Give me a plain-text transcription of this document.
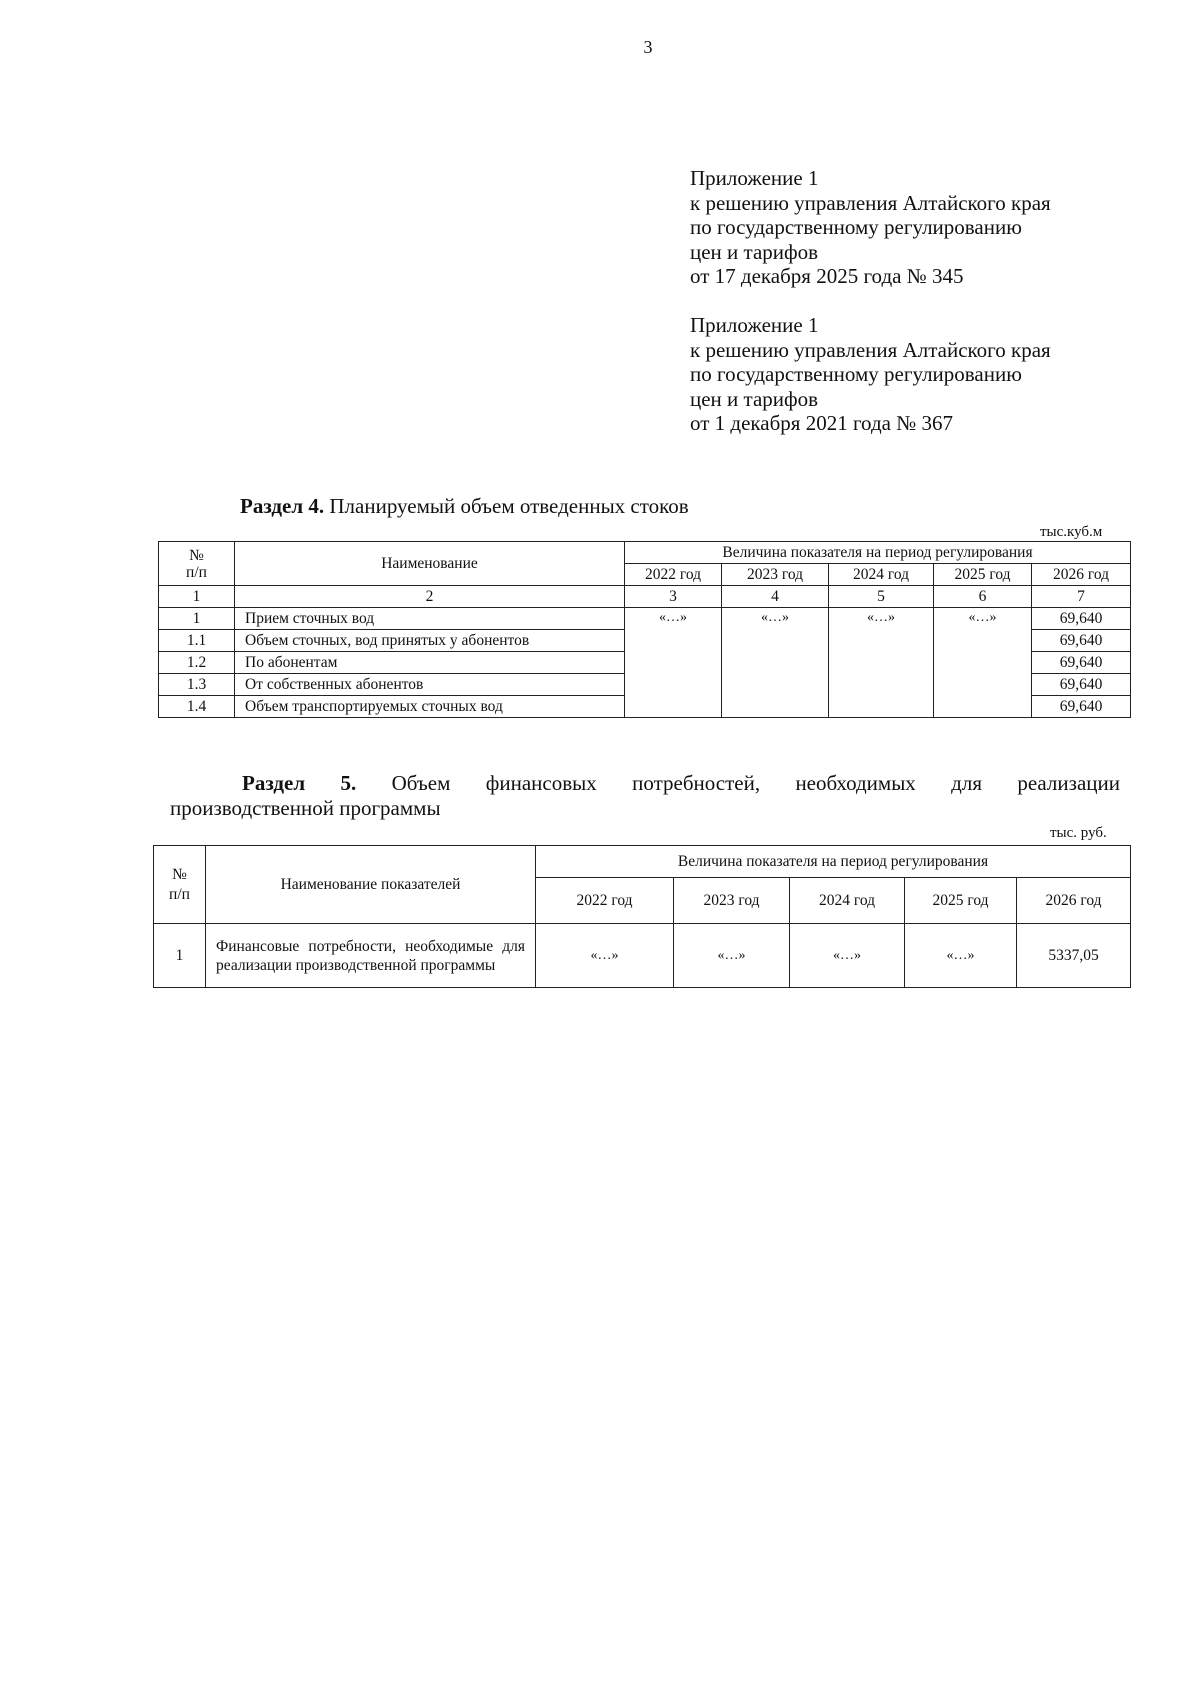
3
Приложение 1
к решению управления Алтайского края
по государственному регулированию
цен и тарифов
от 17 декабря 2025 года № 345
Приложение 1
к решению управления Алтайского края
по государственному регулированию
цен и тарифов
от 1 декабря 2021 года № 367
Раздел 4. Планируемый объем отведенных стоков
тыс.куб.м
№
п/п	Наименование	Величина показателя на период регулирования				
		2022 год	2023 год	2024 год	2025 год	2026 год
1	2	3	4	5	6	7
1	Прием сточных вод	«…»	«…»	«…»	«…»	69,640
1.1	Объем сточных, вод принятых у абонентов					69,640
1.2	По абонентам					69,640
1.3	От собственных абонентов					69,640
1.4	Объем транспортируемых сточных вод					69,640
Раздел 5. Объем финансовых потребностей, необходимых для реализации
производственной программы
тыс. руб.
№
п/п	Наименование показателей	Величина показателя на период регулирования				
		2022 год	2023 год	2024 год	2025 год	2026 год
1	Финансовые потребности, необходимые для реализации производственной программы	«…»	«…»	«…»	«…»	5337,05
